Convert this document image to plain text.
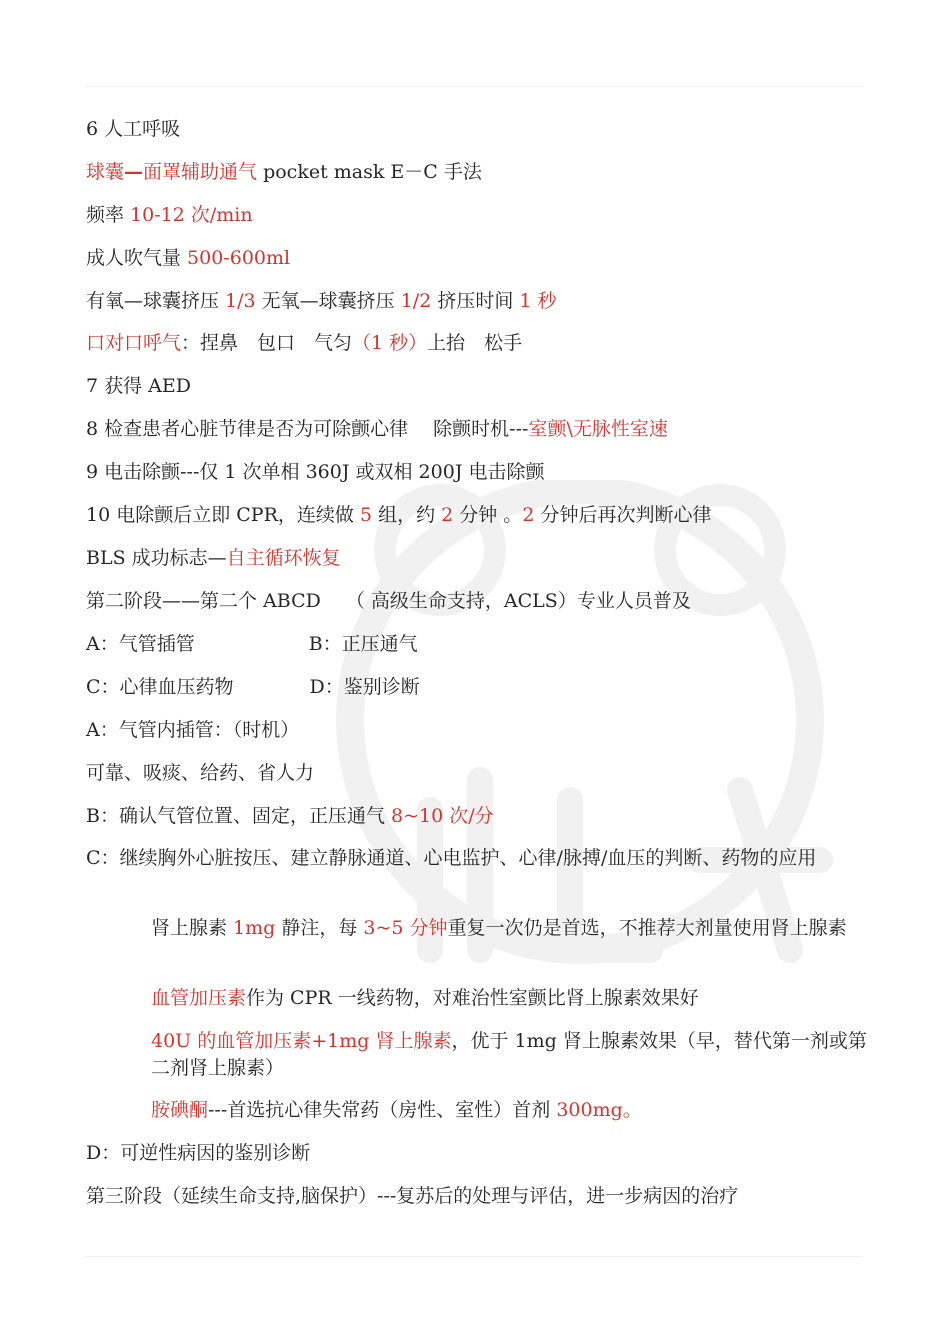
6 人工呼吸
球囊—面罩辅助通气 pocket mask E－C 手法
频率 10-12 次/min
成人吹气量 500-600ml
有氧—球囊挤压 1/3 无氧—球囊挤压 1/2 挤压时间 1 秒
口对口呼气：捏鼻　包口　气匀（1 秒）上抬　松手
7 获得 AED
8 检查患者心脏节律是否为可除颤心律　 除颤时机---室颤\无脉性室速
9 电击除颤---仅 1 次单相 360J 或双相 200J 电击除颤
10 电除颤后立即 CPR，连续做 5 组，约 2 分钟 。2 分钟后再次判断心律
BLS 成功标志—自主循环恢复
第二阶段——第二个 ABCD　 （ 高级生命支持，ACLS）专业人员普及
A：气管插管　　　　　　B：正压通气
C：心律血压药物　　　　D：鉴别诊断
A：气管内插管：（时机）
可靠、吸痰、给药、省人力
B：确认气管位置、固定，正压通气 8~10 次/分
C：继续胸外心脏按压、建立静脉通道、心电监护、心律/脉搏/血压的判断、药物的应用
肾上腺素 1mg 静注，每 3~5 分钟重复一次仍是首选，不推荐大剂量使用肾上腺素
血管加压素作为 CPR 一线药物，对难治性室颤比肾上腺素效果好
40U 的血管加压素+1mg 肾上腺素，优于 1mg 肾上腺素效果（早，替代第一剂或第二剂肾上腺素）
胺碘酮---首选抗心律失常药（房性、室性）首剂 300mg。
D：可逆性病因的鉴别诊断
第三阶段（延续生命支持,脑保护）---复苏后的处理与评估，进一步病因的治疗
